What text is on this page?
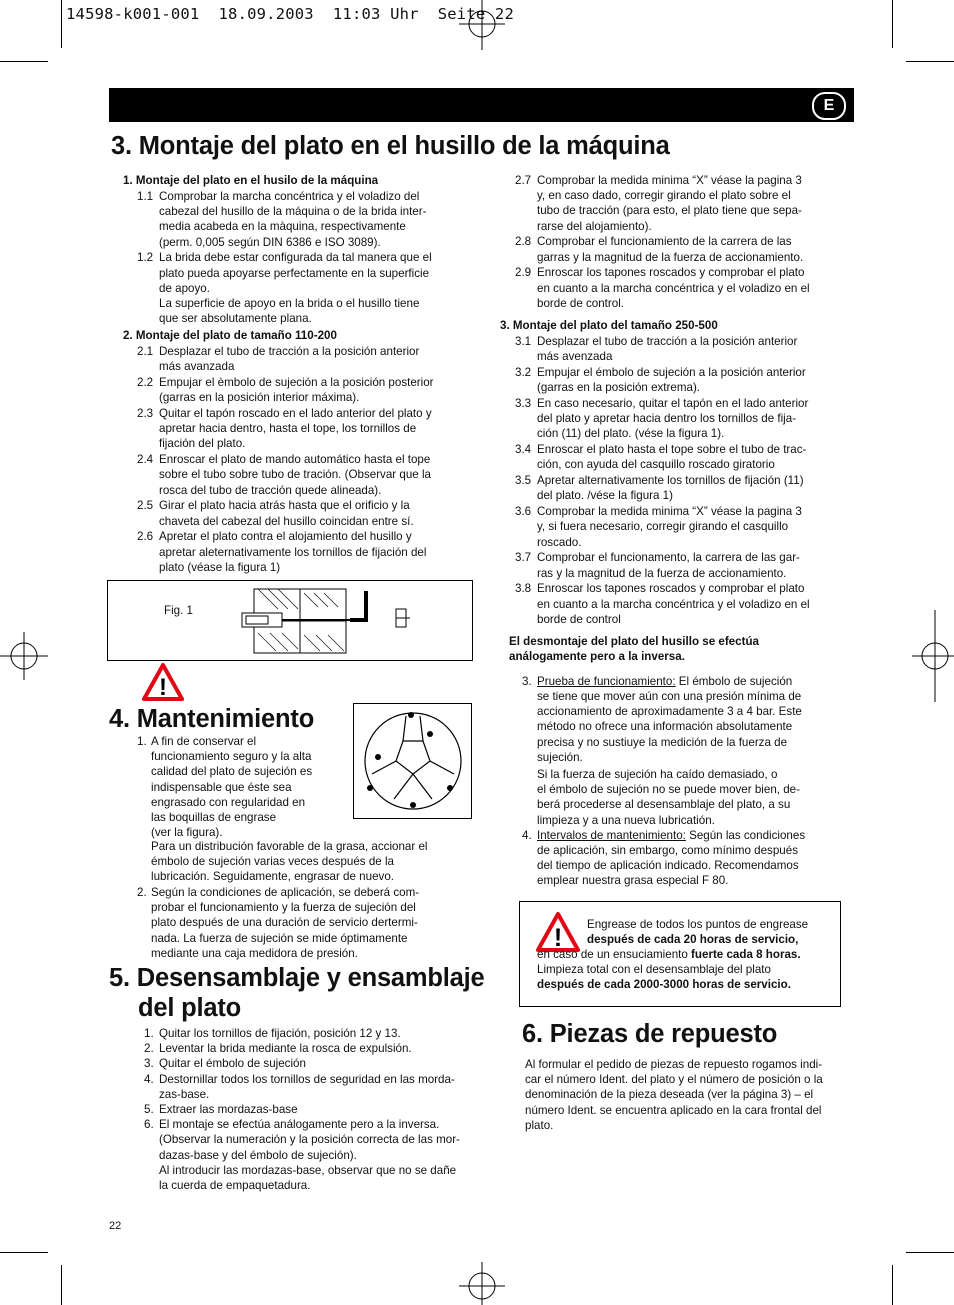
14598-k001-001  18.09.2003  11:03 Uhr  Seite 22
E
3. Montaje del plato en el husillo de la máquina
1. Montaje del plato en el husilo de la máquina
1.1 Comprobar la marcha concéntrica y el voladizo del
cabezal del husillo de la máquina o de la brida inter-
media acabeda en la màquina, respectivamente
(perm. 0,005 según DIN 6386 e ISO 3089).
1.2 La brida debe estar configurada da tal manera que el
plato pueda apoyarse perfectamente en la superficie
de apoyo.
La superficie de apoyo en la brida o el husillo tiene
que ser absolutamente plana.
2. Montaje del plato de tamaño 110-200
2.1 Desplazar el tubo de tracción a la posición anterior
más avanzada
2.2 Empujar el èmbolo de sujeción a la posición posterior
(garras en la posición interior máxima).
2.3 Quitar el tapón roscado en el lado anterior del plato y
apretar hacia dentro, hasta el tope, los tornillos de
fijación del plato.
2.4 Enroscar el plato de mando automático hasta el tope
sobre el tubo sobre tubo de tración. (Observar que la
rosca del tubo de tracción quede alineada).
2.5 Girar el plato hacia atrás hasta que el orificio y la
chaveta del cabezal del husillo coincidan entre sí.
2.6 Apretar el plato contra el alojamiento del husillo y
apretar aleternativamente los tornillos de fijación del
plato (véase la figura 1)
Fig. 1
2.7 Comprobar la medida minima “X” véase la pagina 3
y, en caso dado, corregir girando el plato sobre el
tubo de tracción (para esto, el plato tiene que sepa-
rarse del alojamiento).
2.8 Comprobar el funcionamiento de la carrera de las
garras y la magnitud de la fuerza de accionamiento.
2.9 Enroscar los tapones roscados y comprobar el plato
en cuanto a la marcha concéntrica y el voladizo en el
borde de control.
3. Montaje del plato del tamaño 250-500
3.1 Desplazar el tubo de tracción a la posición anterior
más avenzada
3.2 Empujar el émbolo de sujeción a la posición anterior
(garras en la posición extrema).
3.3 En caso necesario, quitar el tapón en el lado anterior
del plato y apretar hacia dentro los tornillos de fija-
ción (11) del plato. (vése la figura 1).
3.4 Enroscar el plato hasta el tope sobre el tubo de trac-
ción, con ayuda del casquillo roscado giratorio
3.5 Apretar alternativamente los tornillos de fijación (11)
del plato. /vése la figura 1)
3.6 Comprobar la medida minima “X” véase la pagina 3
y, si fuera necesario, corregir girando el casquillo
roscado.
3.7 Comprobar el funcionamento, la carrera de las gar-
ras y la magnitud de la fuerza de accionamiento.
3.8 Enroscar los tapones roscados y comprobar el plato
en cuanto a la marcha concéntrica y el voladizo en el
borde de control
El desmontaje del plato del husillo se efectúa
análogamente pero a la inversa.
!
4. Mantenimiento
1. A fin de conservar el
funcionamiento seguro y la alta
calidad del plato de sujeción es
indispensable que éste sea
engrasado con regularidad en
las boquillas de engrase
(ver la figura).
Para un distribución favorable de la grasa, accionar el
émbolo de sujeción varias veces después de la
lubricación. Seguidamente, engrasar de nuevo.
2. Según la condiciones de aplicación, se deberá com-
probar el funcionamiento y la fuerza de sujeción del
plato después de una duración de servicio dertermi-
nada. La fuerza de sujeción se mide óptimamente
mediante una caja medidora de presión.
3. Prueba de funcionamiento: El émbolo de sujeción
se tiene que mover aún con una presión mínima de
accionamiento de aproximadamente 3 a 4 bar. Este
método no ofrece una información absolutamente
precisa y no sustiuye la medición de la fuerza de
sujeción.
Si la fuerza de sujeción ha caído demasiado, o
el émbolo de sujeción no se puede mover bien, de-
berá procederse al desensamblaje del plato, a su
limpieza y a una nueva lubricatión.
4. Intervalos de mantenimiento: Según las condiciones
de aplicación, sin embargo, como mínimo después
del tiempo de aplicación indicado. Recomendamos
emplear nuestra grasa especial F 80.
! Engrease de todos los puntos de engrease
después de cada 20 horas de servicio,
en caso de un ensuciamiento fuerte cada 8 horas.
Limpieza total con el desensamblaje del plato
después de cada 2000-3000 horas de servicio.
5. Desensamblaje y ensamblaje
del plato
1. Quitar los tornillos de fijación, posición 12 y 13.
2. Leventar la brida mediante la rosca de expulsión.
3. Quitar el émbolo de sujeción
4. Destornillar todos los tornillos de seguridad en las morda-
zas-base.
5. Extraer las mordazas-base
6. El montaje se efectúa análogamente pero a la inversa.
(Observar la numeración y la posición correcta de las mor-
dazas-base y del émbolo de sujeción).
Al introducir las mordazas-base, observar que no se dañe
la cuerda de empaquetadura.
6. Piezas de repuesto
Al formular el pedido de piezas de repuesto rogamos indi-
car el número Ident. del plato y el número de posición o la
denominación de la pieza deseada (ver la página 3) – el
número Ident. se encuentra aplicado en la cara frontal del
plato.
22
